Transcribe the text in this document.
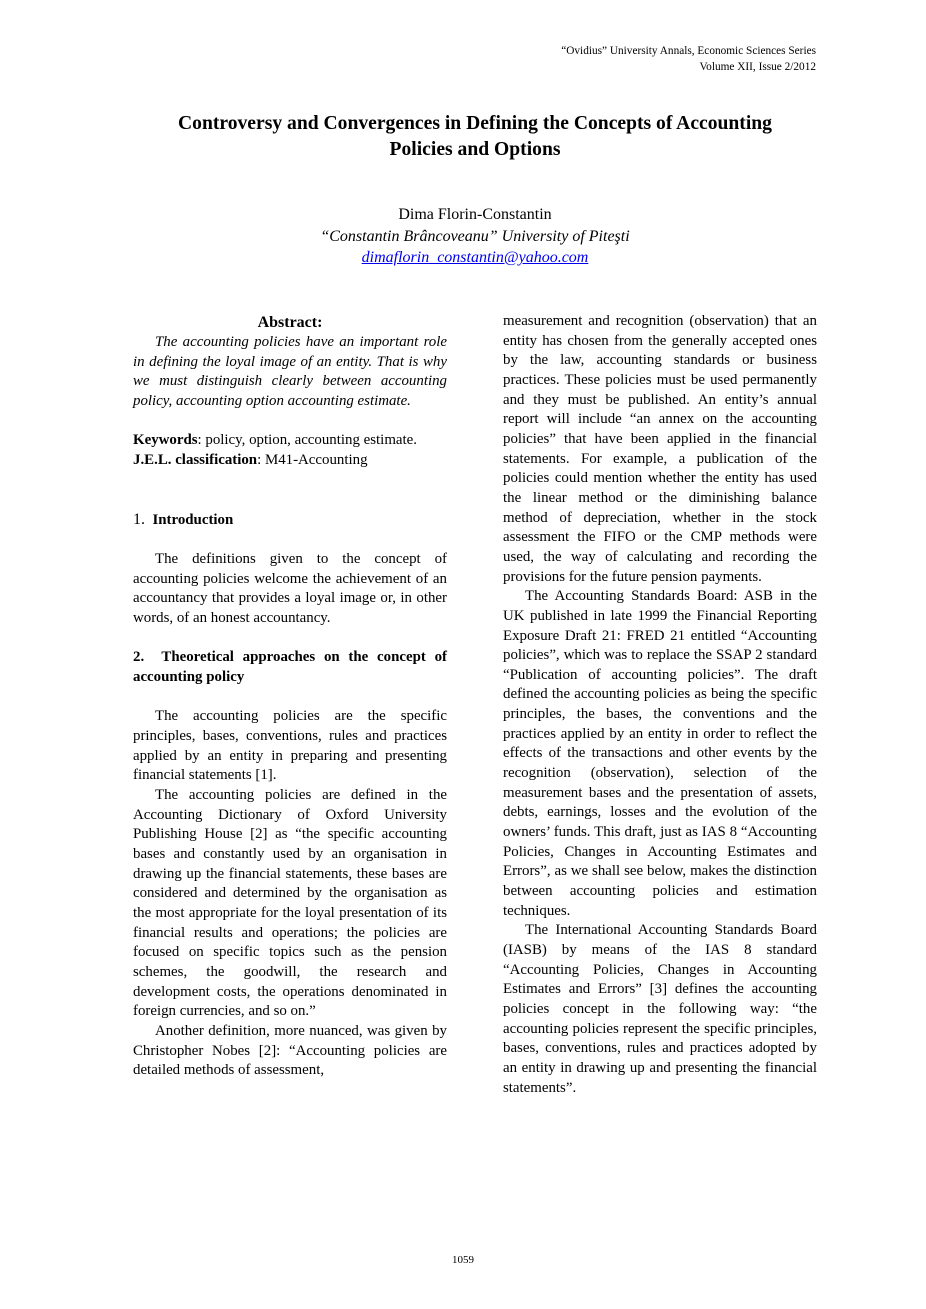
“Ovidius” University Annals, Economic Sciences Series
Volume XII, Issue 2/2012
Controversy and Convergences in Defining the Concepts of Accounting
Policies and Options
Dima Florin-Constantin
“Constantin Brâncoveanu” University of Piteşti
dimaflorin_constantin@yahoo.com

Abstract:

The accounting policies have an important role in defining the loyal image of an entity. That is why we must distinguish clearly between accounting policy, accounting option accounting estimate.

Keywords: policy, option, accounting estimate.

J.E.L. classification: M41-Accounting

1. Introduction

The definitions given to the concept of accounting policies welcome the achievement of an accountancy that provides a loyal image or, in other words, of an honest accountancy.

2. Theoretical approaches on the concept of accounting policy

The accounting policies are the specific principles, bases, conventions, rules and practices applied by an entity in preparing and presenting financial statements [1].

The accounting policies are defined in the Accounting Dictionary of Oxford University Publishing House [2] as “the specific accounting bases and constantly used by an organisation in drawing up the financial statements, these bases are considered and determined by the organisation as the most appropriate for the loyal presentation of its financial results and operations; the policies are focused on specific topics such as the pension schemes, the goodwill, the research and development costs, the operations denominated in foreign currencies, and so on.”

Another definition, more nuanced, was given by Christopher Nobes [2]: “Accounting policies are detailed methods of assessment,

measurement and recognition (observation) that an entity has chosen from the generally accepted ones by the law, accounting standards or business practices. These policies must be used permanently and they must be published. An entity’s annual report will include “an annex on the accounting policies” that have been applied in the financial statements. For example, a publication of the policies could mention whether the entity has used the linear method or the diminishing balance method of depreciation, whether in the stock assessment the FIFO or the CMP methods were used, the way of calculating and recording the provisions for the future pension payments.

The Accounting Standards Board: ASB in the UK published in late 1999 the Financial Reporting Exposure Draft 21: FRED 21 entitled “Accounting policies”, which was to replace the SSAP 2 standard “Publication of accounting policies”. The draft defined the accounting policies as being the specific principles, the bases, the conventions and the practices applied by an entity in order to reflect the effects of the transactions and other events by the recognition (observation), selection of the measurement bases and the presentation of assets, debts, earnings, losses and the evolution of the owners’ funds. This draft, just as IAS 8 “Accounting Policies, Changes in Accounting Estimates and Errors”, as we shall see below, makes the distinction between accounting policies and estimation techniques.

The International Accounting Standards Board (IASB) by means of the IAS 8 standard “Accounting Policies, Changes in Accounting Estimates and Errors” [3] defines the accounting policies concept in the following way: “the accounting policies represent the specific principles, bases, conventions, rules and practices adopted by an entity in drawing up and presenting the financial statements”.

1059
